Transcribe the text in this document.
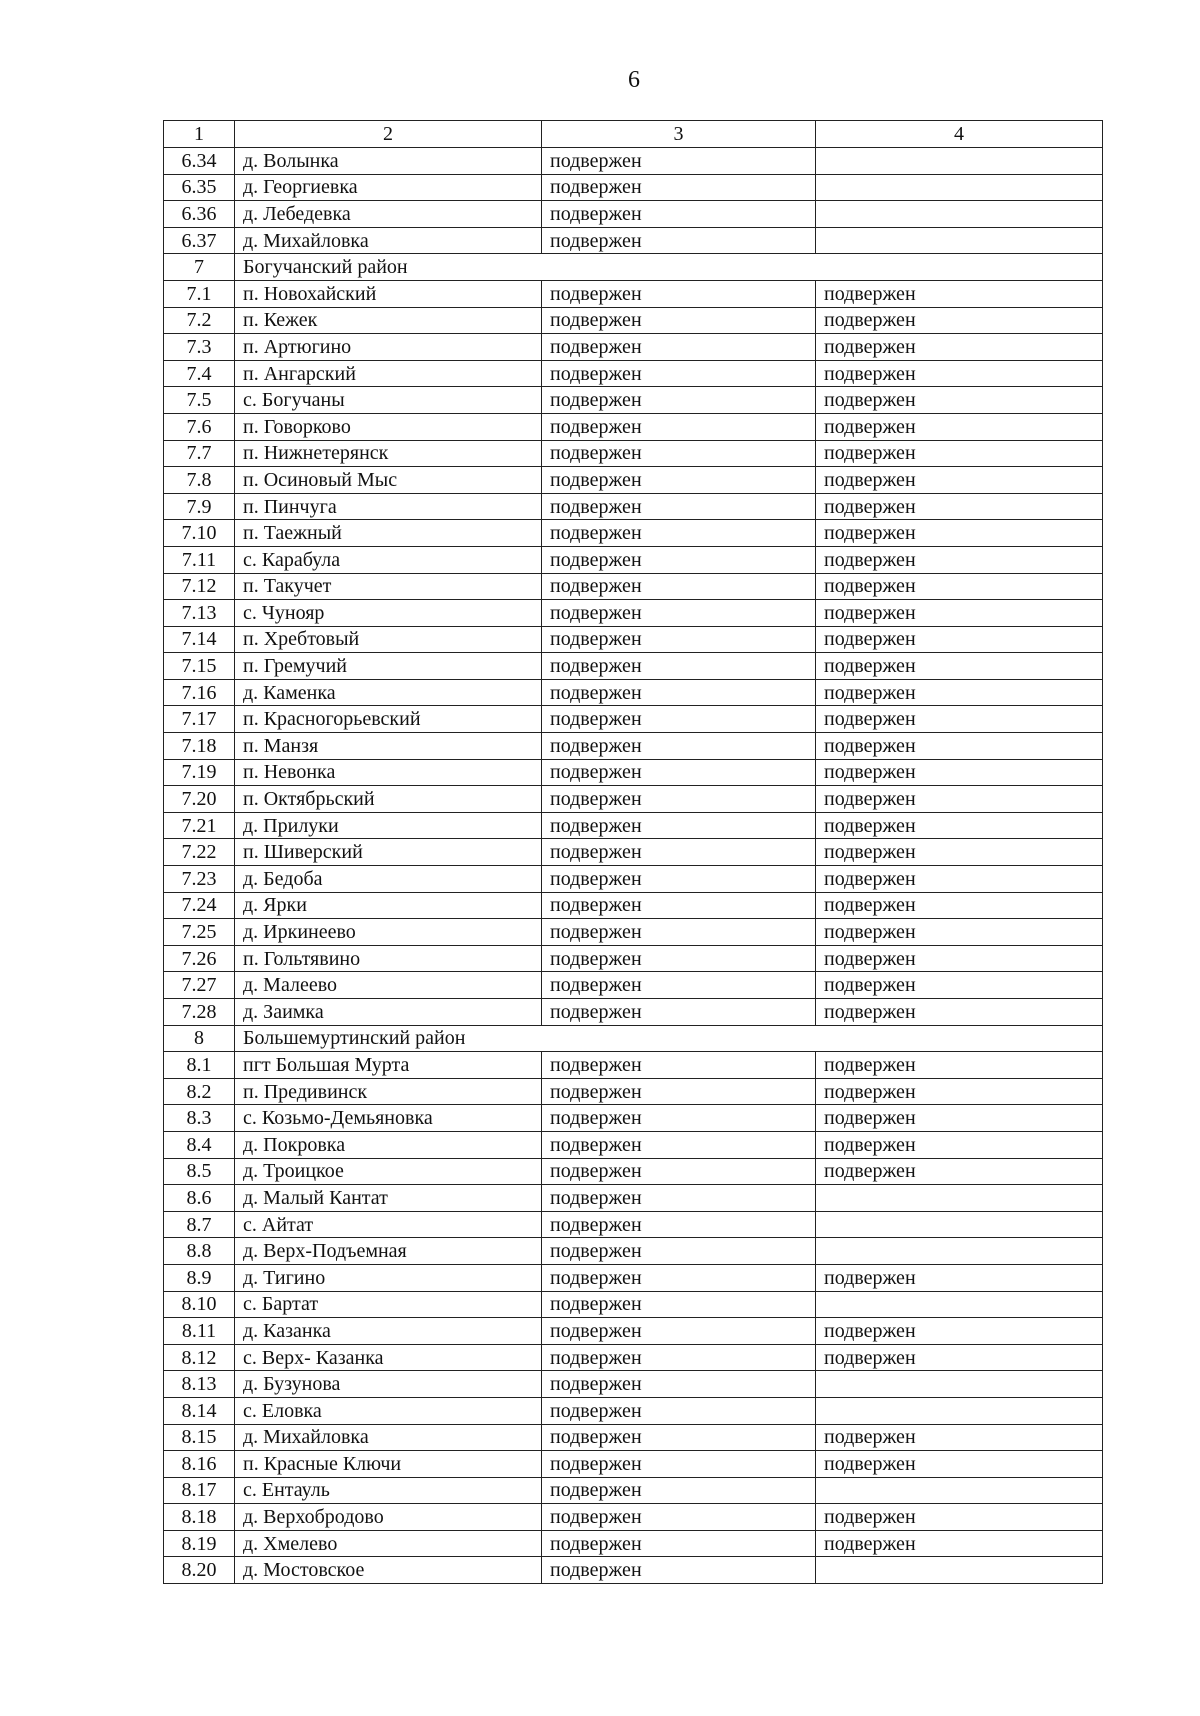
6
1	2	3	4
6.34	д. Волынка	подвержен	
6.35	д. Георгиевка	подвержен	
6.36	д. Лебедевка	подвержен	
6.37	д. Михайловка	подвержен	
7	Богучанский район		
7.1	п. Новохайский	подвержен	подвержен
7.2	п. Кежек	подвержен	подвержен
7.3	п. Артюгино	подвержен	подвержен
7.4	п. Ангарский	подвержен	подвержен
7.5	с. Богучаны	подвержен	подвержен
7.6	п. Говорково	подвержен	подвержен
7.7	п. Нижнетерянск	подвержен	подвержен
7.8	п. Осиновый Мыс	подвержен	подвержен
7.9	п. Пинчуга	подвержен	подвержен
7.10	п. Таежный	подвержен	подвержен
7.11	с. Карабула	подвержен	подвержен
7.12	п. Такучет	подвержен	подвержен
7.13	с. Чунояр	подвержен	подвержен
7.14	п. Хребтовый	подвержен	подвержен
7.15	п. Гремучий	подвержен	подвержен
7.16	д. Каменка	подвержен	подвержен
7.17	п. Красногорьевский	подвержен	подвержен
7.18	п. Манзя	подвержен	подвержен
7.19	п. Невонка	подвержен	подвержен
7.20	п. Октябрьский	подвержен	подвержен
7.21	д. Прилуки	подвержен	подвержен
7.22	п. Шиверский	подвержен	подвержен
7.23	д. Бедоба	подвержен	подвержен
7.24	д. Ярки	подвержен	подвержен
7.25	д. Иркинеево	подвержен	подвержен
7.26	п. Гольтявино	подвержен	подвержен
7.27	д. Малеево	подвержен	подвержен
7.28	д. Заимка	подвержен	подвержен
8	Большемуртинский район		
8.1	пгт Большая Мурта	подвержен	подвержен
8.2	п. Предивинск	подвержен	подвержен
8.3	с. Козьмо-Демьяновка	подвержен	подвержен
8.4	д. Покровка	подвержен	подвержен
8.5	д. Троицкое	подвержен	подвержен
8.6	д. Малый Кантат	подвержен	
8.7	с. Айтат	подвержен	
8.8	д. Верх-Подъемная	подвержен	
8.9	д. Тигино	подвержен	подвержен
8.10	с. Бартат	подвержен	
8.11	д. Казанка	подвержен	подвержен
8.12	с. Верх- Казанка	подвержен	подвержен
8.13	д. Бузунова	подвержен	
8.14	с. Еловка	подвержен	
8.15	д. Михайловка	подвержен	подвержен
8.16	п. Красные Ключи	подвержен	подвержен
8.17	с. Ентауль	подвержен	
8.18	д. Верхобродово	подвержен	подвержен
8.19	д. Хмелево	подвержен	подвержен
8.20	д. Мостовское	подвержен	
